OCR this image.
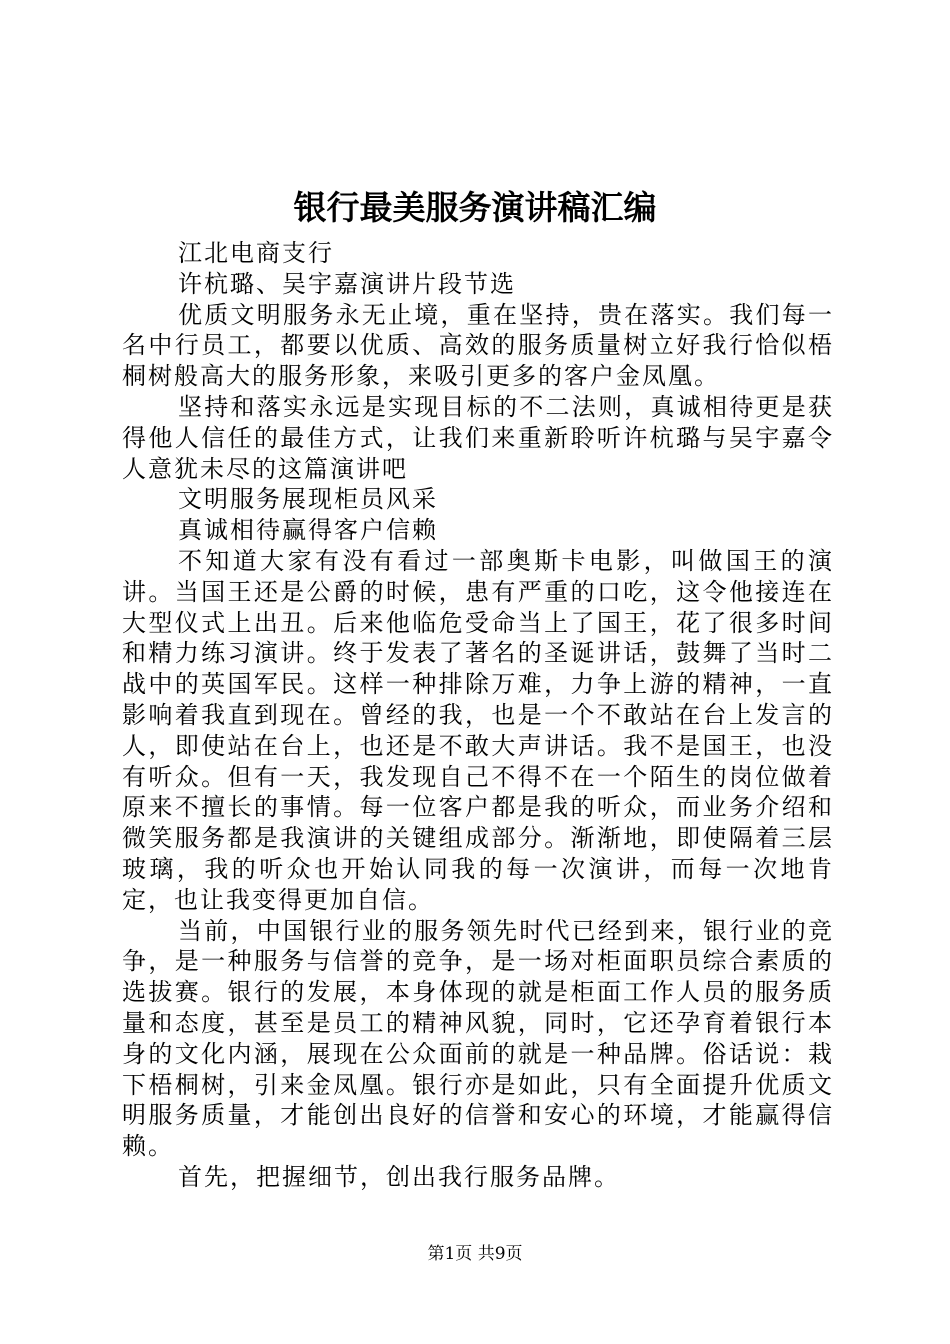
银行最美服务演讲稿汇编

江北电商支行

许杭璐、吴宇嘉演讲片段节选

优质文明服务永无止境，重在坚持，贵在落实。我们每一名中行员工，都要以优质、高效的服务质量树立好我行恰似梧桐树般高大的服务形象，来吸引更多的客户金凤凰。

坚持和落实永远是实现目标的不二法则，真诚相待更是获得他人信任的最佳方式，让我们来重新聆听许杭璐与吴宇嘉令人意犹未尽的这篇演讲吧

文明服务展现柜员风采

真诚相待赢得客户信赖

不知道大家有没有看过一部奥斯卡电影，叫做国王的演讲。当国王还是公爵的时候，患有严重的口吃，这令他接连在大型仪式上出丑。后来他临危受命当上了国王，花了很多时间和精力练习演讲。终于发表了著名的圣诞讲话，鼓舞了当时二战中的英国军民。这样一种排除万难，力争上游的精神，一直影响着我直到现在。曾经的我，也是一个不敢站在台上发言的人，即使站在台上，也还是不敢大声讲话。我不是国王，也没有听众。但有一天，我发现自己不得不在一个陌生的岗位做着原来不擅长的事情。每一位客户都是我的听众，而业务介绍和微笑服务都是我演讲的关键组成部分。渐渐地，即使隔着三层玻璃，我的听众也开始认同我的每一次演讲，而每一次地肯定，也让我变得更加自信。

当前，中国银行业的服务领先时代已经到来，银行业的竞争，是一种服务与信誉的竞争，是一场对柜面职员综合素质的选拔赛。银行的发展，本身体现的就是柜面工作人员的服务质量和态度，甚至是员工的精神风貌，同时，它还孕育着银行本身的文化内涵，展现在公众面前的就是一种品牌。俗话说：栽下梧桐树，引来金凤凰。银行亦是如此，只有全面提升优质文明服务质量，才能创出良好的信誉和安心的环境，才能赢得信赖。

首先，把握细节，创出我行服务品牌。

第1页 共9页
